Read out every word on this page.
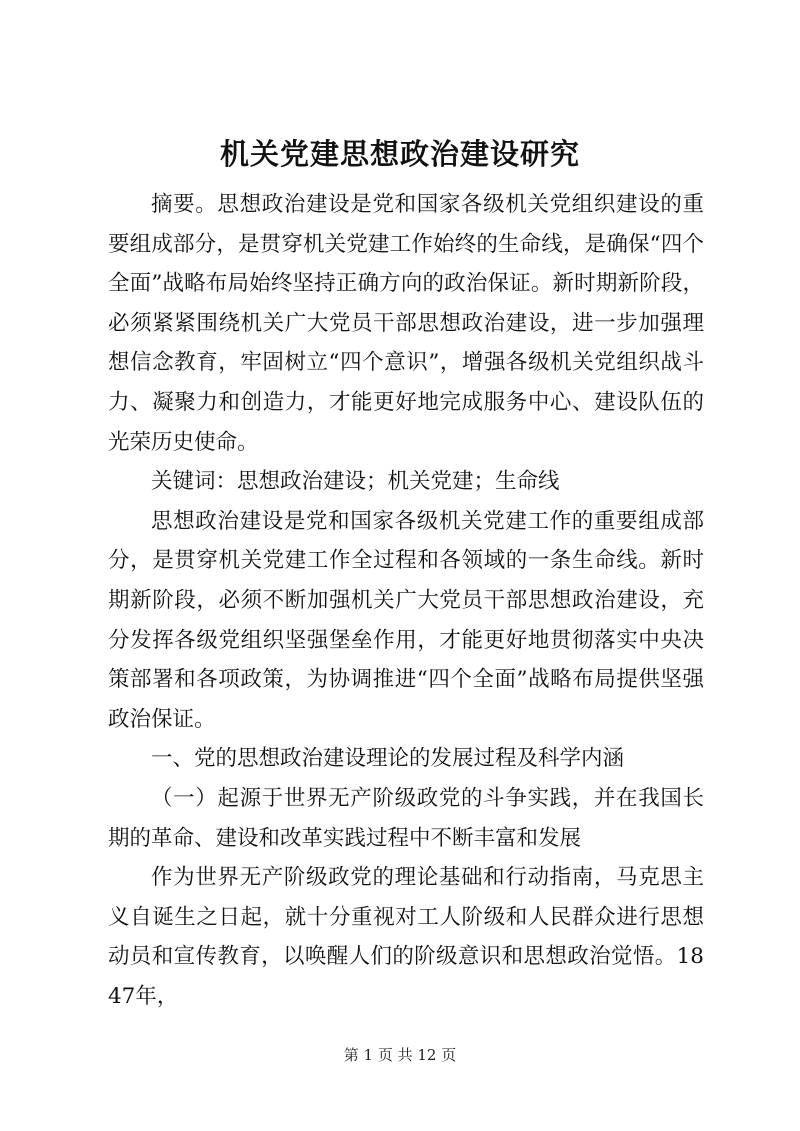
机关党建思想政治建设研究

摘要。思想政治建设是党和国家各级机关党组织建设的重要组成部分，是贯穿机关党建工作始终的生命线，是确保“四个全面”战略布局始终坚持正确方向的政治保证。新时期新阶段，必须紧紧围绕机关广大党员干部思想政治建设，进一步加强理想信念教育，牢固树立“四个意识”，增强各级机关党组织战斗力、凝聚力和创造力，才能更好地完成服务中心、建设队伍的光荣历史使命。

关键词：思想政治建设；机关党建；生命线

思想政治建设是党和国家各级机关党建工作的重要组成部分，是贯穿机关党建工作全过程和各领域的一条生命线。新时期新阶段，必须不断加强机关广大党员干部思想政治建设，充分发挥各级党组织坚强堡垒作用，才能更好地贯彻落实中央决策部署和各项政策，为协调推进“四个全面”战略布局提供坚强政治保证。

一、党的思想政治建设理论的发展过程及科学内涵

（一）起源于世界无产阶级政党的斗争实践，并在我国长期的革命、建设和改革实践过程中不断丰富和发展

作为世界无产阶级政党的理论基础和行动指南，马克思主义自诞生之日起，就十分重视对工人阶级和人民群众进行思想动员和宣传教育，以唤醒人们的阶级意识和思想政治觉悟。1847年，

第 1 页 共 12 页
